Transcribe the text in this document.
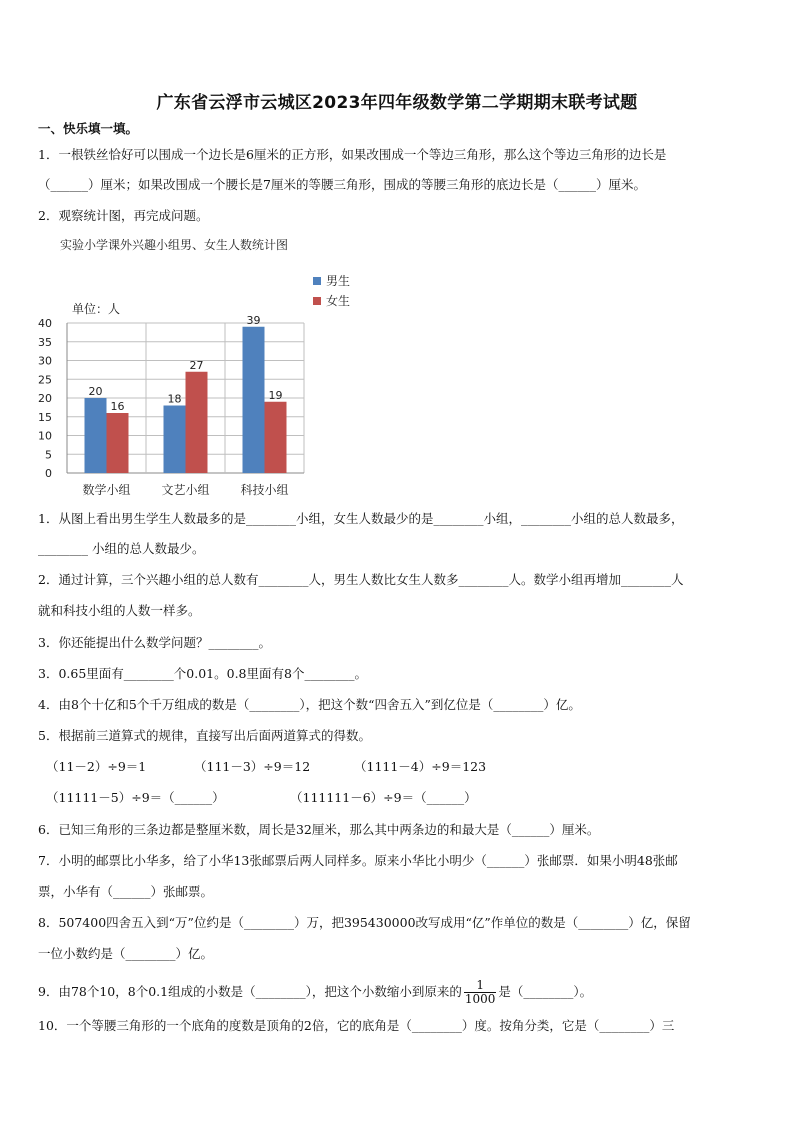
广东省云浮市云城区2023年四年级数学第二学期期末联考试题
一、快乐填一填。
1．一根铁丝恰好可以围成一个边长是6厘米的正方形，如果改围成一个等边三角形，那么这个等边三角形的边长是
（______）厘米；如果改围成一个腰长是7厘米的等腰三角形，围成的等腰三角形的底边长是（______）厘米。
2．观察统计图，再完成问题。
实验小学课外兴趣小组男、女生人数统计图
0
5
10
15
20
25
30
35
40
单位：人
20
16
数学小组
18
27
文艺小组
39
19
科技小组
男生
女生
1．从图上看出男生学生人数最多的是________小组，女生人数最少的是________小组，________小组的总人数最多，
________ 小组的总人数最少。
2．通过计算，三个兴趣小组的总人数有________人，男生人数比女生人数多________人。数学小组再增加________人
就和科技小组的人数一样多。
3．你还能提出什么数学问题？________。
3．0.65里面有________个0.01。0.8里面有8个________。
4．由8个十亿和5个千万组成的数是（________），把这个数“四舍五入”到亿位是（________）亿。
5．根据前三道算式的规律，直接写出后面两道算式的得数。
（11－2）÷9＝1	（111－3）÷9＝12	（1111－4）÷9＝123
（11111－5）÷9＝（______）	（111111－6）÷9＝（______）
6．已知三角形的三条边都是整厘米数，周长是32厘米，那么其中两条边的和最大是（______）厘米。
7．小明的邮票比小华多，给了小华13张邮票后两人同样多。原来小华比小明少（______）张邮票．如果小明48张邮
票，小华有（______）张邮票。
8．507400四舍五入到“万”位约是（________）万，把395430000改写成用“亿”作单位的数是（________）亿，保留
一位小数约是（________）亿。
9．由78个10，8个0.1组成的小数是（________），把这个小数缩小到原来的 $\frac{1}{1000}$ 是（________）。
10．一个等腰三角形的一个底角的度数是顶角的2倍，它的底角是（________）度。按角分类，它是（________）三
